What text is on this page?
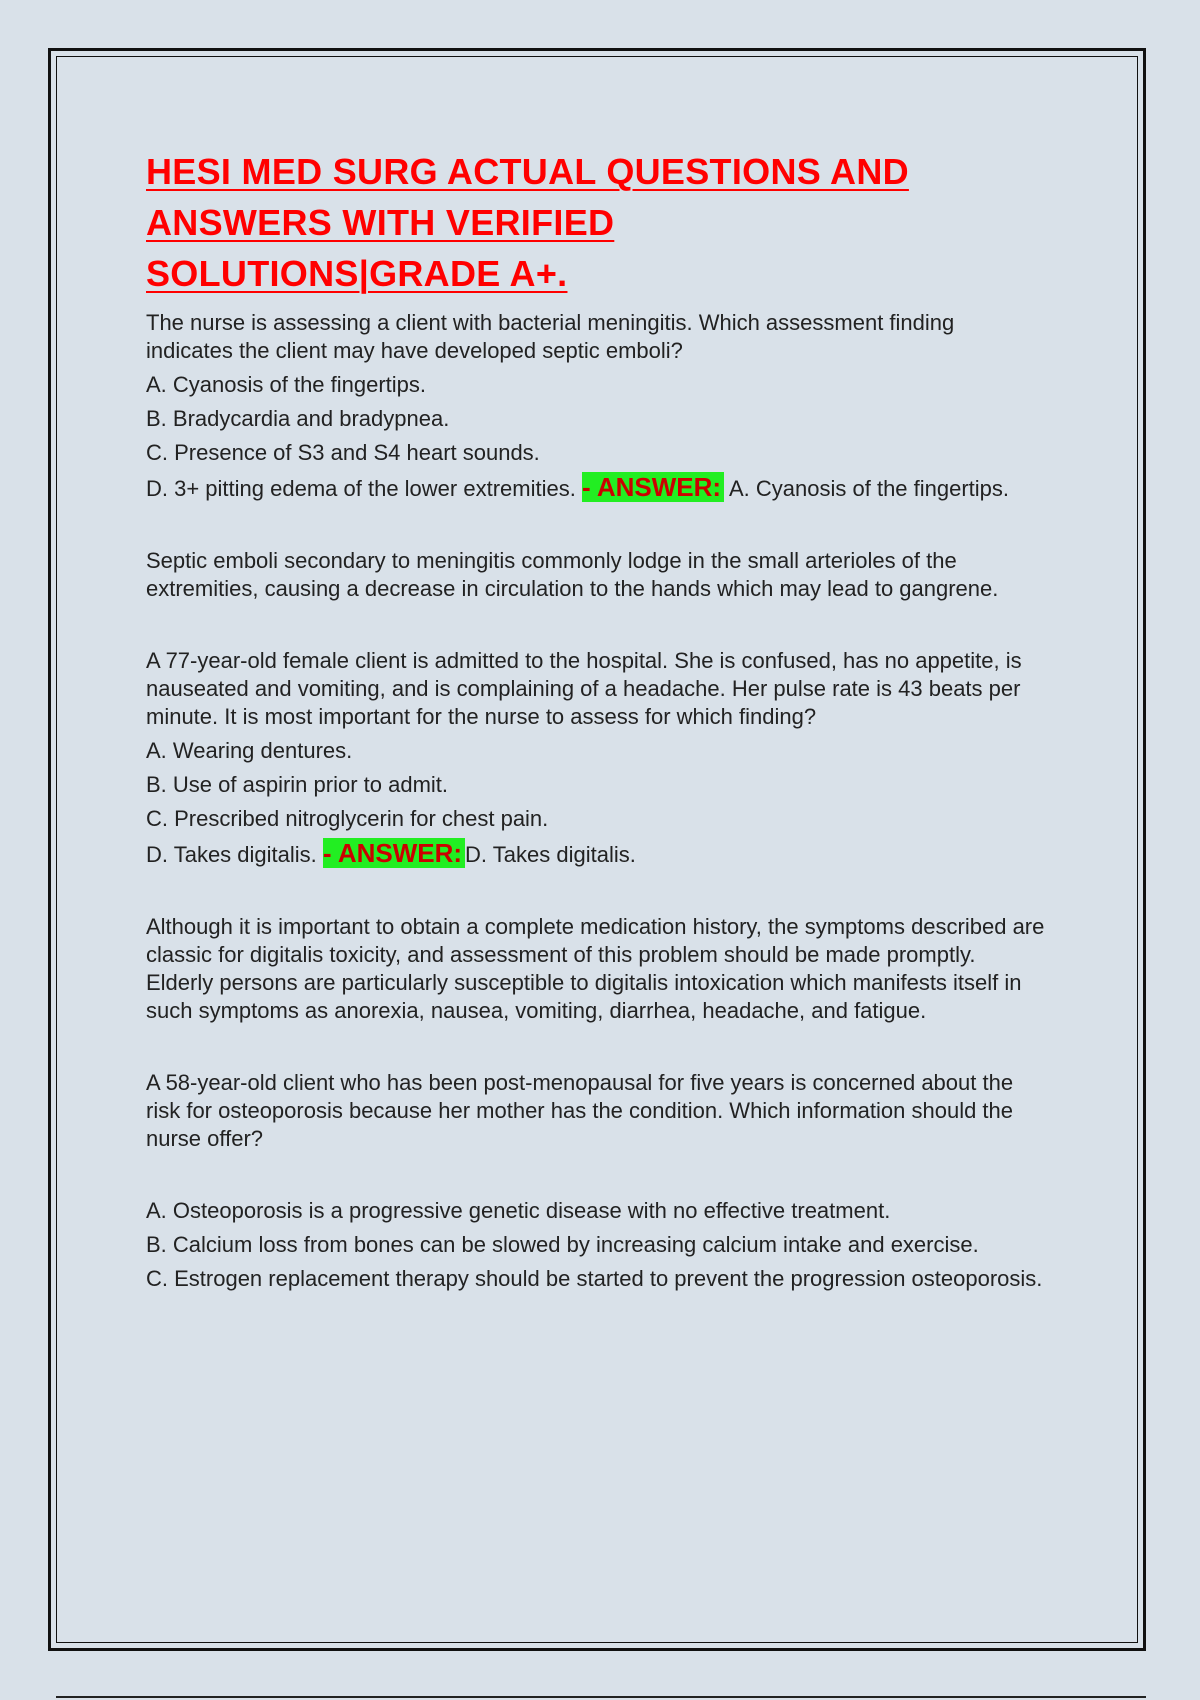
HESI MED SURG ACTUAL QUESTIONS AND
ANSWERS WITH VERIFIED
SOLUTIONS|GRADE A+.

The nurse is assessing a client with bacterial meningitis. Which assessment finding indicates the client may have developed septic emboli?

A. Cyanosis of the fingertips.

B. Bradycardia and bradypnea.

C. Presence of S3 and S4 heart sounds.

D. 3+ pitting edema of the lower extremities. - ANSWER: A. Cyanosis of the fingertips.

Septic emboli secondary to meningitis commonly lodge in the small arterioles of the extremities, causing a decrease in circulation to the hands which may lead to gangrene.

A 77-year-old female client is admitted to the hospital. She is confused, has no appetite, is nauseated and vomiting, and is complaining of a headache. Her pulse rate is 43 beats per minute. It is most important for the nurse to assess for which finding?

A. Wearing dentures.

B. Use of aspirin prior to admit.

C. Prescribed nitroglycerin for chest pain.

D. Takes digitalis. - ANSWER: D. Takes digitalis.

Although it is important to obtain a complete medication history, the symptoms described are classic for digitalis toxicity, and assessment of this problem should be made promptly. Elderly persons are particularly susceptible to digitalis intoxication which manifests itself in such symptoms as anorexia, nausea, vomiting, diarrhea, headache, and fatigue.

A 58-year-old client who has been post-menopausal for five years is concerned about the risk for osteoporosis because her mother has the condition. Which information should the nurse offer?

A. Osteoporosis is a progressive genetic disease with no effective treatment.

B. Calcium loss from bones can be slowed by increasing calcium intake and exercise.

C. Estrogen replacement therapy should be started to prevent the progression osteoporosis.
